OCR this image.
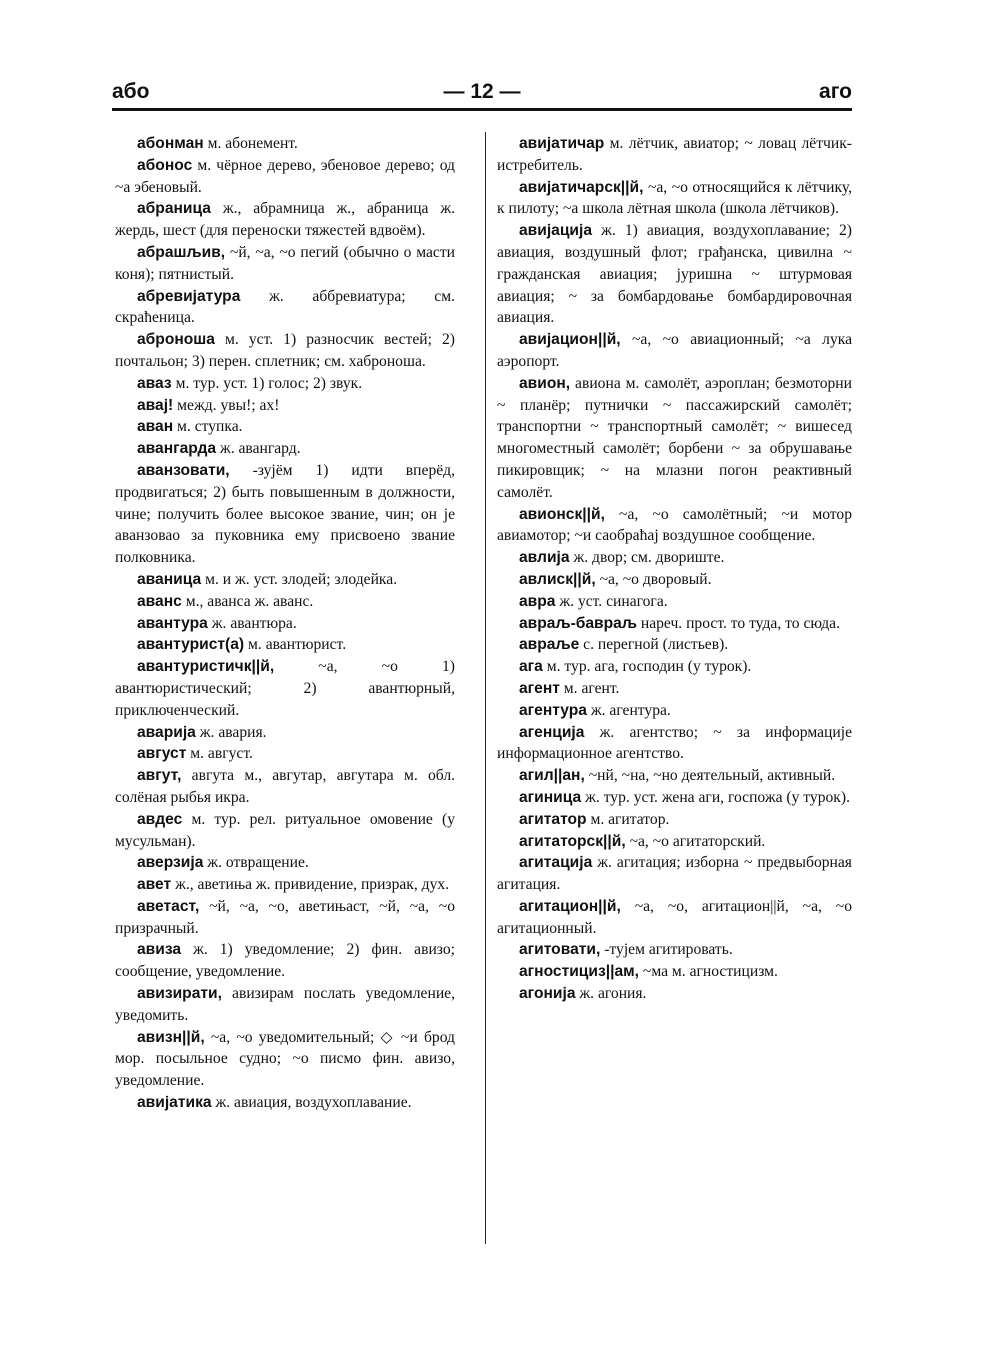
або	— 12 —	аго

абонман м. абонемент.

абонос м. чёрное дерево, эбеновое дерево; од ~а эбеновый.

абраница ж., абрамница ж., абраница ж. жердь, шест (для переноски тяжестей вдвоём).

абрашљив, ~й, ~а, ~о пегий (обычно о масти коня); пятнистый.

абревијатура ж. аббревиатура; см. скраћеница.

аброноша м. уст. 1) разносчик вестей; 2) почтальон; 3) перен. сплетник; см. хаброноша.

аваз м. тур. уст. 1) голос; 2) звук.

авај! межд. увы!; ах!

аван м. ступка.

авангарда ж. авангард.

аванзовати, -зујём 1) идти вперёд, продвигаться; 2) быть повышенным в должности, чине; получить более высокое звание, чин; он је аванзовао за пуковника ему присвоено звание полковника.

аваница м. и ж. уст. злодей; злодейка.

аванс м., аванса ж. аванс.

авантура ж. авантюра.

авантурист(а) м. авантюрист.

авантуристичк||й, ~а, ~о 1) авантюристический; 2) авантюрный, приключенческий.

аварија ж. авария.

август м. август.

авгут, авгута м., авгутар, авгутара м. обл. солёная рыбья икра.

авдес м. тур. рел. ритуальное омовение (у мусульман).

аверзија ж. отвращение.

авет ж., аветиња ж. привидение, призрак, дух.

аветаст, ~й, ~а, ~о, аветињаст, ~й, ~а, ~о призрачный.

авиза ж. 1) уведомление; 2) фин. авизо; сообщение, уведомление.

авизирати, авизирам послать уведомление, уведомить.

авизн||й, ~а, ~о уведомительный; ◇ ~и брод мор. посыльное судно; ~о писмо фин. авизо, уведомление.

авијатика ж. авиация, воздухоплавание.

авијатичар м. лётчик, авиатор; ~ ловац лётчик-истребитель.

авијатичарск||й, ~а, ~о относящийся к лётчику, к пилоту; ~а школа лётная школа (школа лётчиков).

авијација ж. 1) авиация, воздухоплавание; 2) авиация, воздушный флот; грађанска, цивилна ~ гражданская авиация; јуришна ~ штурмовая авиация; ~ за бомбардовање бомбардировочная авиация.

авијацион||й, ~а, ~о авиационный; ~а лука аэропорт.

авион, авиона м. самолёт, аэроплан; безмоторни ~ планёр; путнички ~ пассажирский самолёт; транспортни ~ транспортный самолёт; ~ вишесед многоместный самолёт; борбени ~ за обрушавање пикировщик; ~ на млазни погон реактивный самолёт.

авионск||й, ~а, ~о самолётный; ~и мотор авиамотор; ~и саобраћај воздушное сообщение.

авлија ж. двор; см. двориште.

авлиск||й, ~а, ~о дворовый.

авра ж. уст. синагога.

авраљ-бавраљ нареч. прост. то туда, то сюда.

авраље с. перегной (листьев).

ага м. тур. ага, господин (у турок).

агент м. агент.

агентура ж. агентура.

агенција ж. агентство; ~ за информације информационное агентство.

агил||ан, ~нй, ~на, ~но деятельный, активный.

агиница ж. тур. уст. жена аги, госпожа (у турок).

агитатор м. агитатор.

агитаторск||й, ~а, ~о агитаторский.

агитација ж. агитация; изборна ~ предвыборная агитация.

агитацион||й, ~а, ~о, агитацион||й, ~а, ~о агитационный.

агитовати, -тујем агитировать.

агностициз||ам, ~ма м. агностицизм.

агонија ж. агония.
